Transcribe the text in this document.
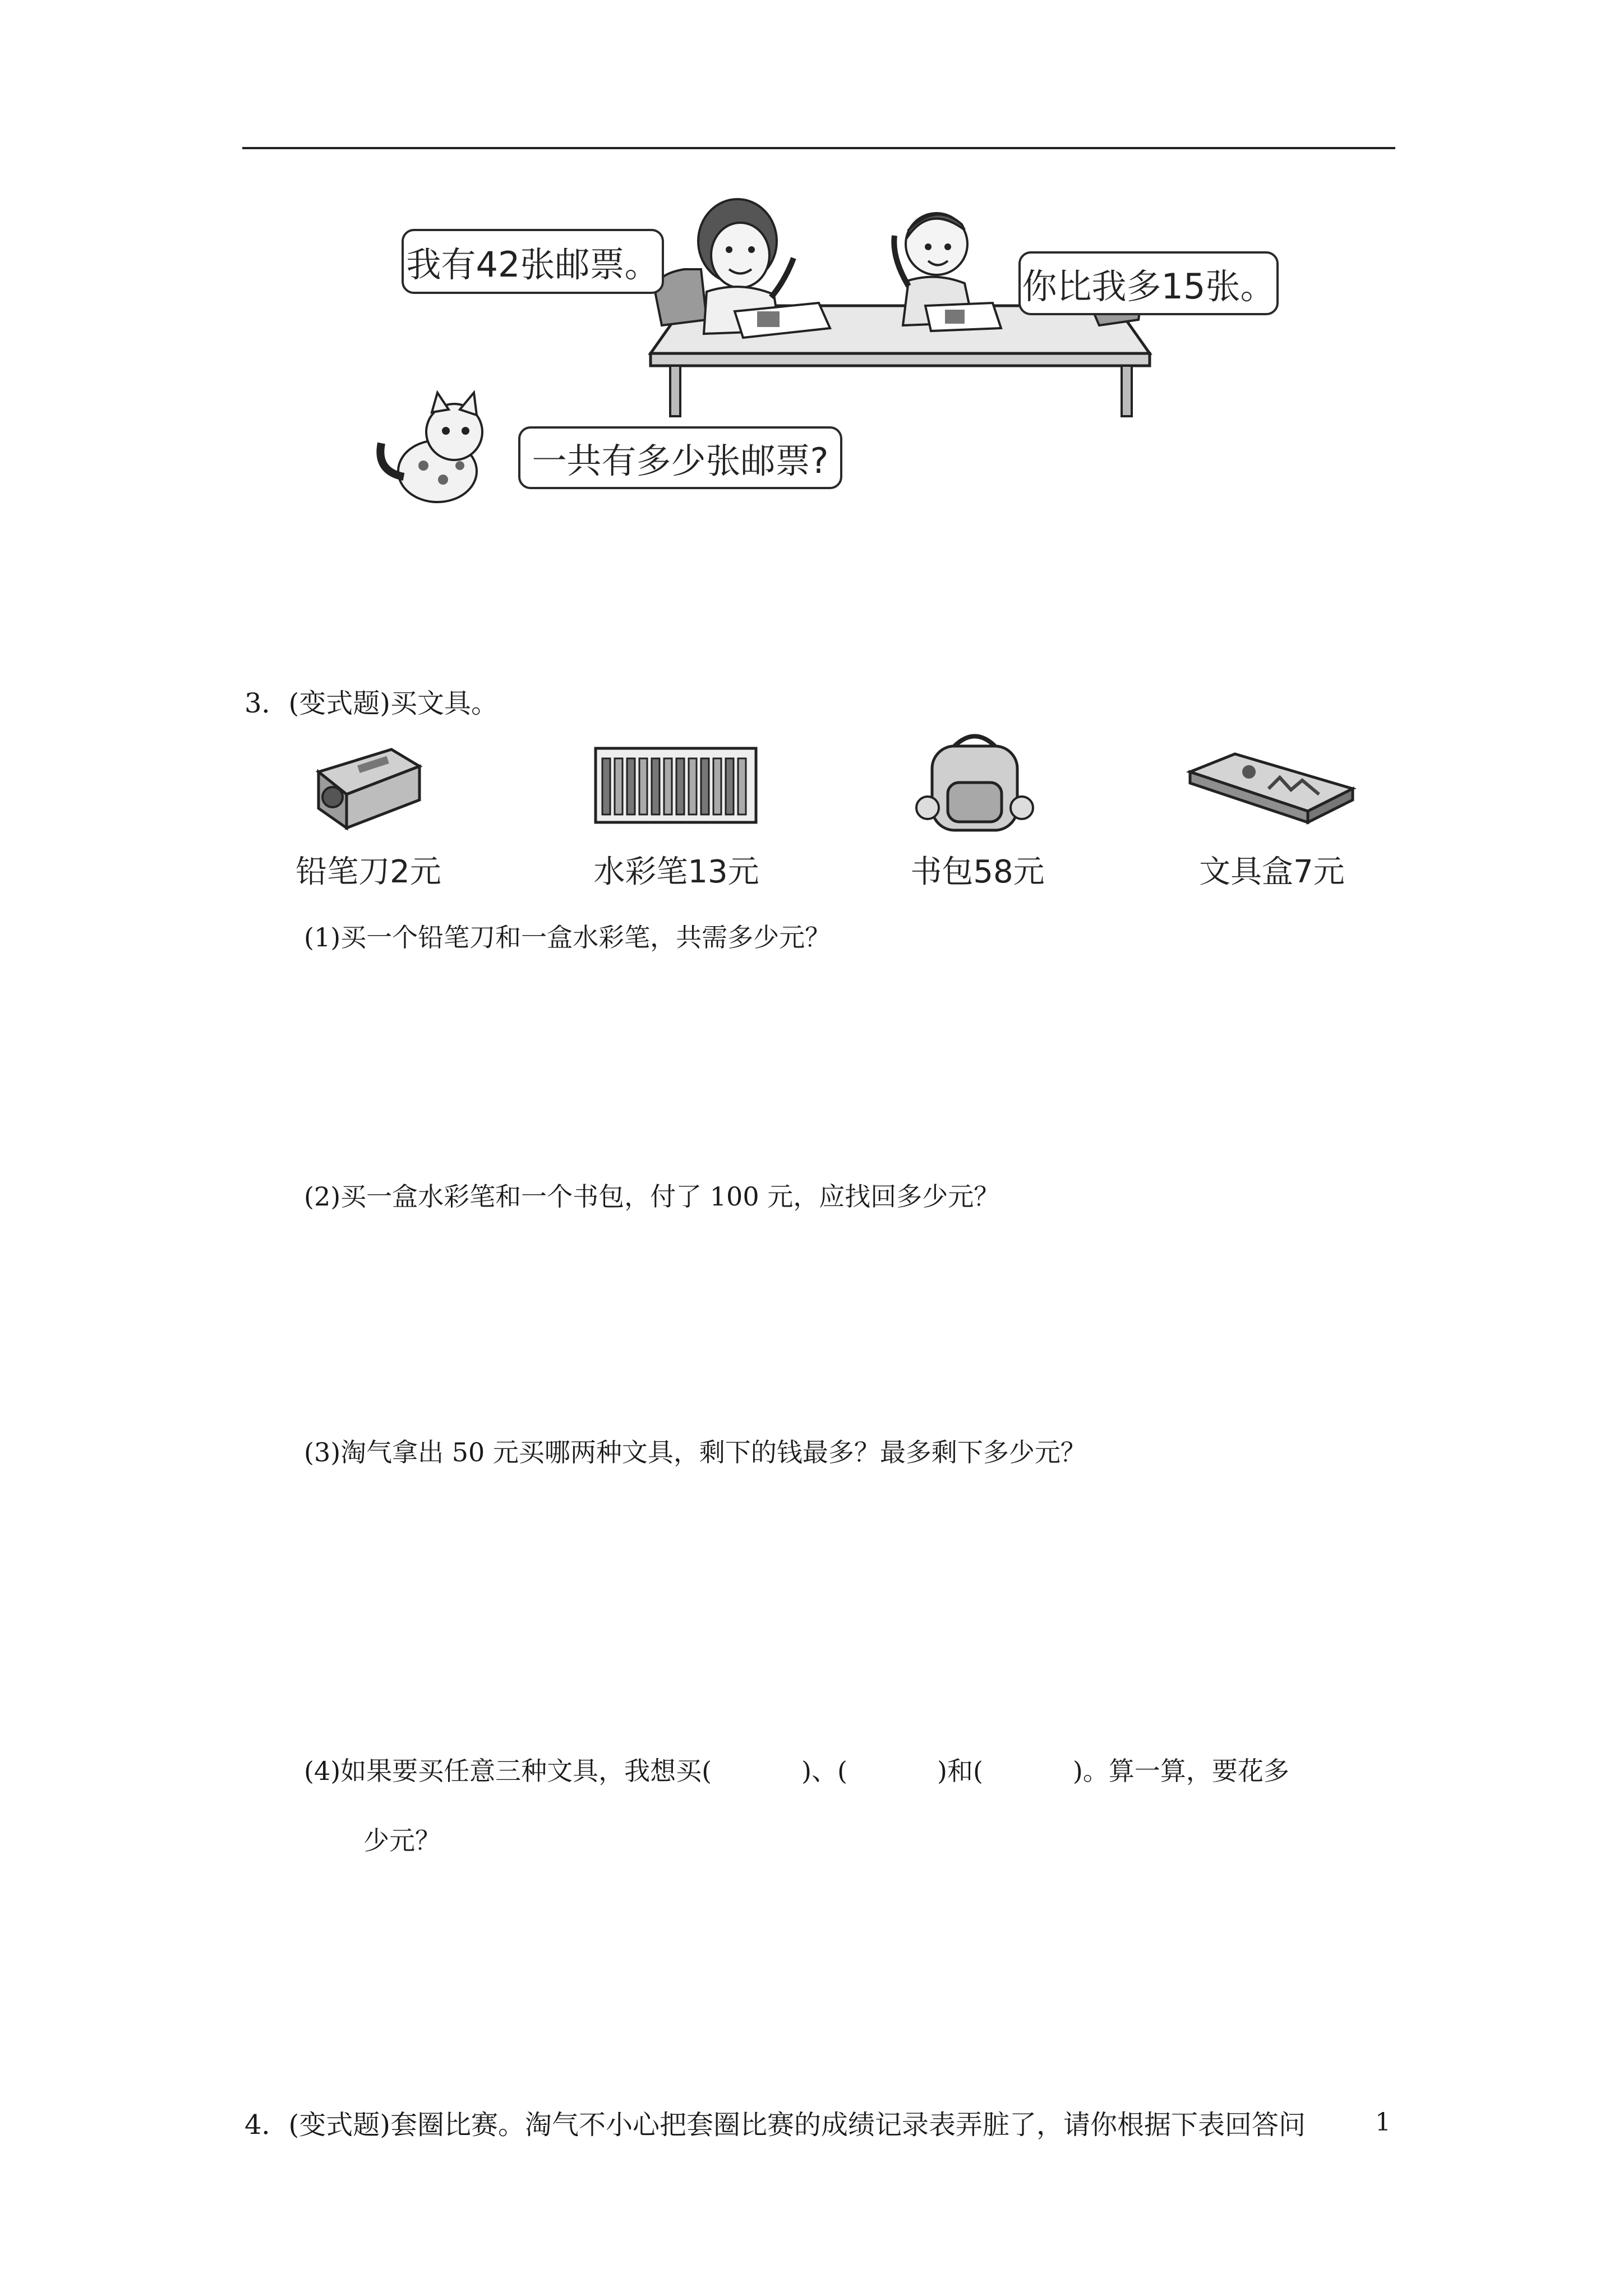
我有42张邮票。
你比我多15张。
一共有多少张邮票?
3．(变式题)买文具。
铅笔刀2元	水彩笔13元	书包58元	文具盒7元
(1)买一个铅笔刀和一盒水彩笔，共需多少元？
(2)买一盒水彩笔和一个书包，付了 100 元，应找回多少元？
(3)淘气拿出 50 元买哪两种文具，剩下的钱最多？最多剩下多少元？
(4)如果要买任意三种文具，我想买(	)、(	)和(	)。算一算，要花多
少元？
4．(变式题)套圈比赛。淘气不小心把套圈比赛的成绩记录表弄脏了，请你根据下表回答问	1
